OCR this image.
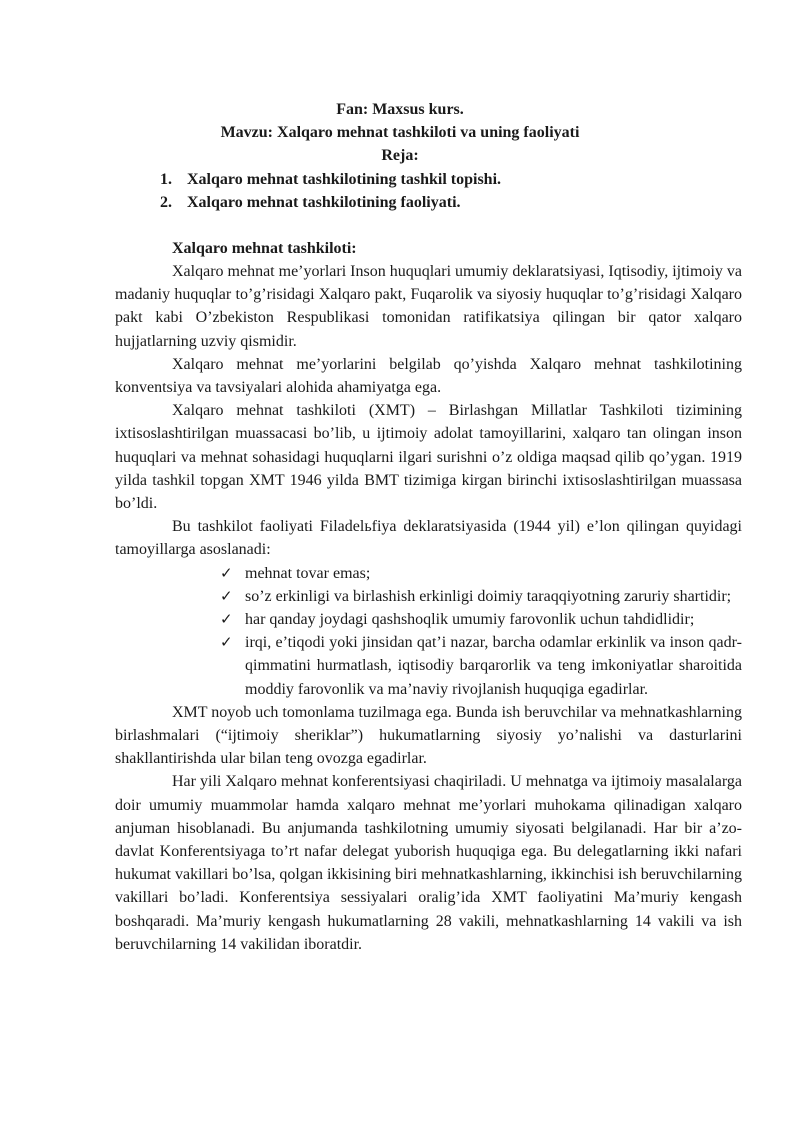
Fan: Maxsus kurs.
Mavzu: Xalqaro mehnat tashkiloti va uning faoliyati
Reja:
1. Xalqaro mehnat tashkilotining tashkil topishi.
2. Xalqaro mehnat tashkilotining faoliyati.
Xalqaro mehnat tashkiloti:

Xalqaro mehnat me’yorlari Inson huquqlari umumiy deklaratsiyasi, Iqtisodiy, ijtimoiy va madaniy huquqlar to’g’risidagi Xalqaro pakt, Fuqarolik va siyosiy huquqlar to’g’risidagi Xalqaro pakt kabi O’zbekiston Respublikasi tomonidan ratifikatsiya qilingan bir qator xalqaro hujjatlarning uzviy qismidir.

Xalqaro mehnat me’yorlarini belgilab qo’yishda Xalqaro mehnat tashkilotining konventsiya va tavsiyalari alohida ahamiyatga ega.

Xalqaro mehnat tashkiloti (XMT) – Birlashgan Millatlar Tashkiloti tizimining ixtisoslashtirilgan muassacasi bo’lib, u ijtimoiy adolat tamoyillarini, xalqaro tan olingan inson huquqlari va mehnat sohasidagi huquqlarni ilgari surishni o’z oldiga maqsad qilib qo’ygan. 1919 yilda tashkil topgan XMT 1946 yilda BMT tizimiga kirgan birinchi ixtisoslashtirilgan muassasa bo’ldi.

Bu tashkilot faoliyati Filadelьfiya deklaratsiyasida (1944 yil) e’lon qilingan quyidagi tamoyillarga asoslanadi:

✓ mehnat tovar emas;
✓ so’z erkinligi va birlashish erkinligi doimiy taraqqiyotning zaruriy shartidir;
✓ har qanday joydagi qashshoqlik umumiy farovonlik uchun tahdidlidir;
✓ irqi, e’tiqodi yoki jinsidan qat’i nazar, barcha odamlar erkinlik va inson qadr-qimmatini hurmatlash, iqtisodiy barqarorlik va teng imkoniyatlar sharoitida moddiy farovonlik va ma’naviy rivojlanish huquqiga egadirlar.

XMT noyob uch tomonlama tuzilmaga ega. Bunda ish beruvchilar va mehnatkashlarning birlashmalari (“ijtimoiy sheriklar”) hukumatlarning siyosiy yo’nalishi va dasturlarini shakllantirishda ular bilan teng ovozga egadirlar.

Har yili Xalqaro mehnat konferentsiyasi chaqiriladi. U mehnatga va ijtimoiy masalalarga doir umumiy muammolar hamda xalqaro mehnat me’yorlari muhokama qilinadigan xalqaro anjuman hisoblanadi. Bu anjumanda tashkilotning umumiy siyosati belgilanadi. Har bir a’zo-davlat Konferentsiyaga to’rt nafar delegat yuborish huquqiga ega. Bu delegatlarning ikki nafari hukumat vakillari bo’lsa, qolgan ikkisining biri mehnatkashlarning, ikkinchisi ish beruvchilarning vakillari bo’ladi. Konferentsiya sessiyalari oralig’ida XMT faoliyatini Ma’muriy kengash boshqaradi. Ma’muriy kengash hukumatlarning 28 vakili, mehnatkashlarning 14 vakili va ish beruvchilarning 14 vakilidan iboratdir.
